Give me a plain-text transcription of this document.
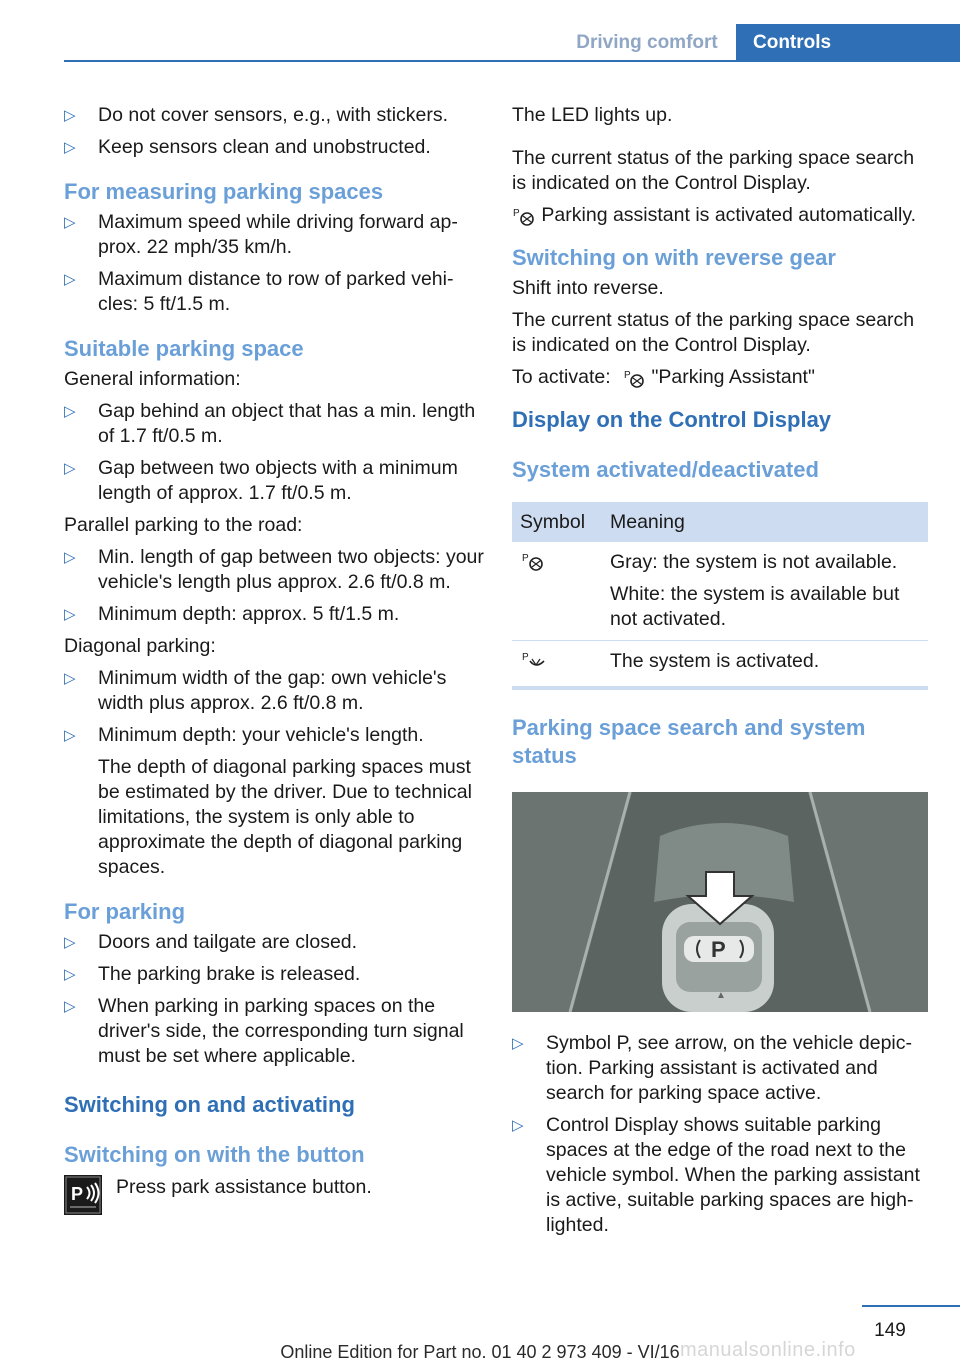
Driving comfort	Controls
▷ Do not cover sensors, e.g., with stickers.
▷ Keep sensors clean and unobstructed.
For measuring parking spaces
▷ Maximum speed while driving forward approx. 22 mph/35 km/h.
▷ Maximum distance to row of parked vehicles: 5 ft/1.5 m.
Suitable parking space

General information:

▷ Gap behind an object that has a min. length of 1.7 ft/0.5 m.
▷ Gap between two objects with a minimum length of approx. 1.7 ft/0.5 m.

Parallel parking to the road:

▷ Min. length of gap between two objects: your vehicle's length plus approx. 2.6 ft/0.8 m.
▷ Minimum depth: approx. 5 ft/1.5 m.

Diagonal parking:

▷ Minimum width of the gap: own vehicle's width plus approx. 2.6 ft/0.8 m.
▷ Minimum depth: your vehicle's length.
The depth of diagonal parking spaces must be estimated by the driver. Due to technical limitations, the system is only able to approximate the depth of diagonal parking spaces.
For parking
▷ Doors and tailgate are closed.
▷ The parking brake is released.
▷ When parking in parking spaces on the driver's side, the corresponding turn signal must be set where applicable.
Switching on and activating
Switching on with the button
P Press park assistance button.

The LED lights up.

The current status of the parking space search is indicated on the Control Display.

P Parking assistant is activated automatically.

Switching on with reverse gear

Shift into reverse.

The current status of the parking space search is indicated on the Control Display.

To activate: P "Parking Assistant"

Display on the Control Display
System activated/deactivated
Symbol	Meaning

P	Gray: the system is not available.

White: the system is available but not activated.

P	The system is activated.
Parking space search and system status
P
▲
▷ Symbol P, see arrow, on the vehicle depiction. Parking assistant is activated and search for parking space active.
▷ Control Display shows suitable parking spaces at the edge of the road next to the vehicle symbol. When the parking assistant is active, suitable parking spaces are highlighted.
149
Online Edition for Part no. 01 40 2 973 409 - VI/16 manualsonline.info
